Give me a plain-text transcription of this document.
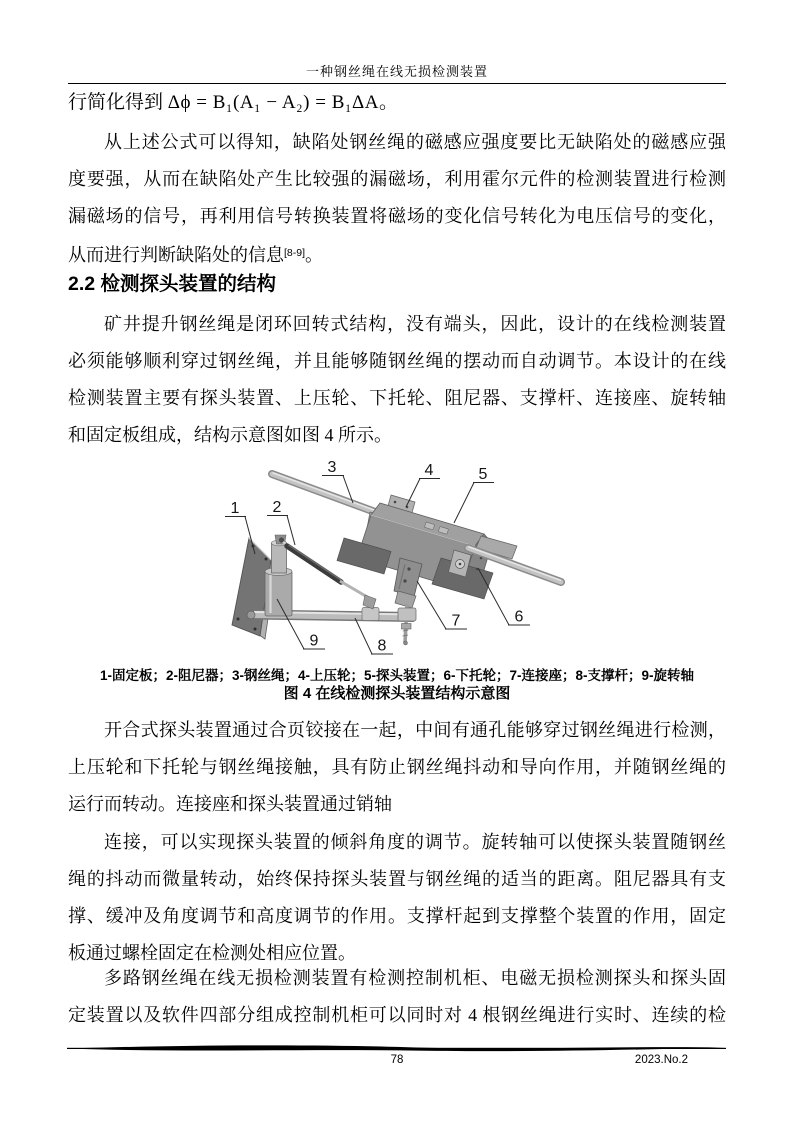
一种钢丝绳在线无损检测装置
行简化得到 Δϕ = B₁(A₁ − A₂) = B₁ΔA。
从上述公式可以得知，缺陷处钢丝绳的磁感应强度要比无缺陷处的磁感应强
度要强，从而在缺陷处产生比较强的漏磁场，利用霍尔元件的检测装置进行检测
漏磁场的信号，再利用信号转换装置将磁场的变化信号转化为电压信号的变化，
从而进行判断缺陷处的信息[8-9]。
2.2 检测探头装置的结构
矿井提升钢丝绳是闭环回转式结构，没有端头，因此，设计的在线检测装置
必须能够顺利穿过钢丝绳，并且能够随钢丝绳的摆动而自动调节。本设计的在线
检测装置主要有探头装置、上压轮、下托轮、阻尼器、支撑杆、连接座、旋转轴
和固定板组成，结构示意图如图 4 所示。
1 2
3	4	5
6
7
8
9
1-固定板；2-阻尼器；3-钢丝绳；4-上压轮；5-探头装置；6-下托轮；7-连接座；8-支撑杆；9-旋转轴
图 4 在线检测探头装置结构示意图
开合式探头装置通过合页铰接在一起，中间有通孔能够穿过钢丝绳进行检测，
上压轮和下托轮与钢丝绳接触，具有防止钢丝绳抖动和导向作用，并随钢丝绳的
运行而转动。连接座和探头装置通过销轴
连接，可以实现探头装置的倾斜角度的调节。旋转轴可以使探头装置随钢丝
绳的抖动而微量转动，始终保持探头装置与钢丝绳的适当的距离。阻尼器具有支
撑、缓冲及角度调节和高度调节的作用。支撑杆起到支撑整个装置的作用，固定
板通过螺栓固定在检测处相应位置。
多路钢丝绳在线无损检测装置有检测控制机柜、电磁无损检测探头和探头固
定装置以及软件四部分组成控制机柜可以同时对 4 根钢丝绳进行实时、连续的检
78	2023.No.2
